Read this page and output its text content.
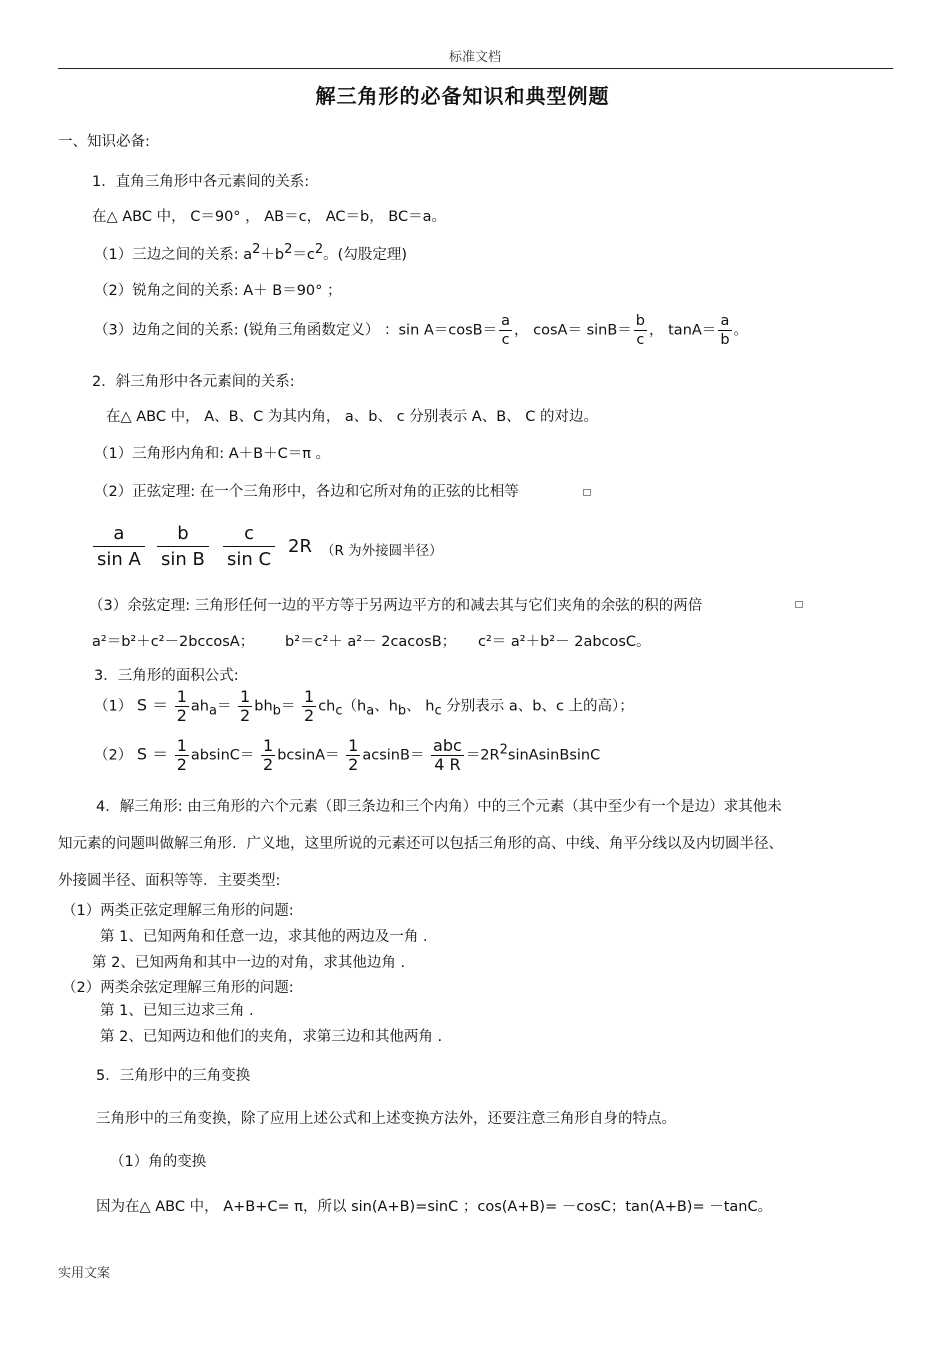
标准文档
解三角形的必备知识和典型例题
一、知识必备:
1．直角三角形中各元素间的关系:
在△ ABC 中， C＝90° ， AB＝c， AC＝b， BC＝a。
（1）三边之间的关系: $a^2+b^2=c^2$。(勾股定理)
（2）锐角之间的关系: A＋ B＝90° ；
（3）边角之间的关系: (锐角三角函数定义） ：$\sin A=\cos B= \frac{a}{c}$ ， $\cos A= \sin B= \frac{b}{c}$ ， $\tan A= \frac{a}{b}$ 。
2．斜三角形中各元素间的关系:
在△ ABC 中， A、B、C 为其内角， a、b、 c 分别表示 A、B、 C 的对边。
（1）三角形内角和: A＋B＋C＝π 。
（2）正弦定理: 在一个三角形中，各边和它所对角的正弦的比相等
a
sin A
b
sin B
c
sin C
2R （R 为外接圆半径）
（3）余弦定理: 三角形任何一边的平方等于另两边平方的和减去其与它们夹角的余弦的积的两倍
a²＝b²＋c²－2bccosA； b²＝c²＋ a²－ 2cacosB； c²＝ a²＋b²－ 2abcosC。
3．三角形的面积公式:
（1） $S = \frac{1}{2} ah_a= \frac{1}{2} bh_b= \frac{1}{2} ch_c(h_a$、$h_b$、 $h_c$ 分别表示 a、b、c 上的高）；
（2） $S = \frac{1}{2} absinC= \frac{1}{2} bcsinA= \frac{1}{2} acsinB= \frac{\text{abc}}{4 R}$ $=2R^2sinAsinBsinC$
4．解三角形: 由三角形的六个元素（即三条边和三个内角）中的三个元素（其中至少有一个是边）求其他未
知元素的问题叫做解三角形．广义地，这里所说的元素还可以包括三角形的高、中线、角平分线以及内切圆半径、
外接圆半径、面积等等．主要类型:
（1）两类正弦定理解三角形的问题:
第 1、已知两角和任意一边，求其他的两边及一角 .
第 2、已知两角和其中一边的对角，求其他边角 .
（2）两类余弦定理解三角形的问题:
第 1、已知三边求三角 .
第 2、已知两边和他们的夹角，求第三边和其他两角 .
5．三角形中的三角变换
三角形中的三角变换，除了应用上述公式和上述变换方法外，还要注意三角形自身的特点。
（1）角的变换
因为在△ ABC 中， A+B+C= π，所以 sin(A+B)=sinC ；cos(A+B)= －cosC；tan(A+B)= －tanC。
实用文案
